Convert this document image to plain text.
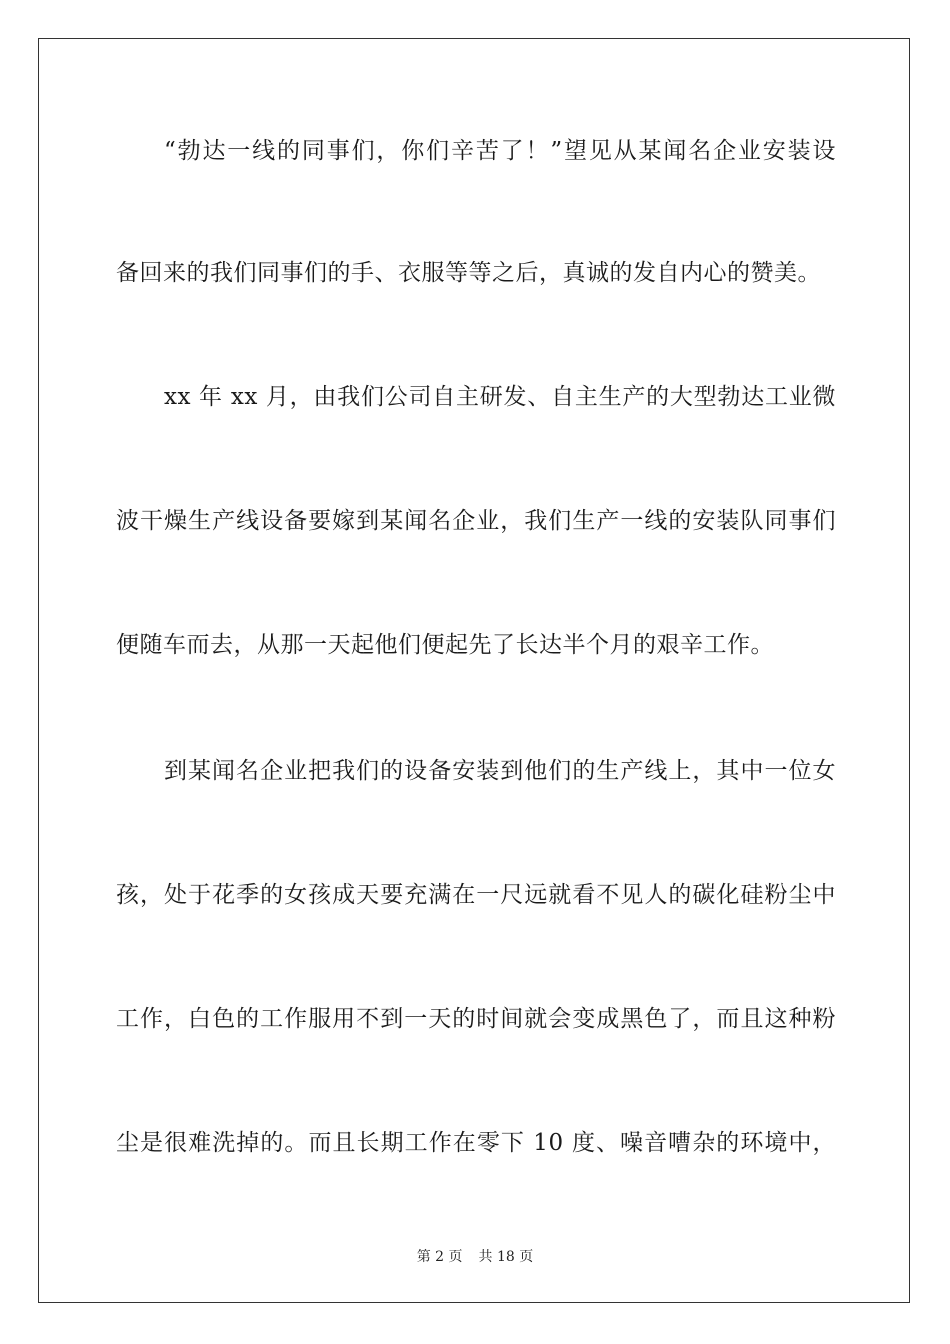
“勃达一线的同事们，你们辛苦了！”望见从某闻名企业安装设
备回来的我们同事们的手、衣服等等之后，真诚的发自内心的赞美。
xx 年 xx 月，由我们公司自主研发、自主生产的大型勃达工业微
波干燥生产线设备要嫁到某闻名企业，我们生产一线的安装队同事们
便随车而去，从那一天起他们便起先了长达半个月的艰辛工作。
到某闻名企业把我们的设备安装到他们的生产线上，其中一位女
孩，处于花季的女孩成天要充满在一尺远就看不见人的碳化硅粉尘中
工作，白色的工作服用不到一天的时间就会变成黑色了，而且这种粉
尘是很难洗掉的。而且长期工作在零下 10 度、噪音嘈杂的环境中，
第 2 页 共 18 页
